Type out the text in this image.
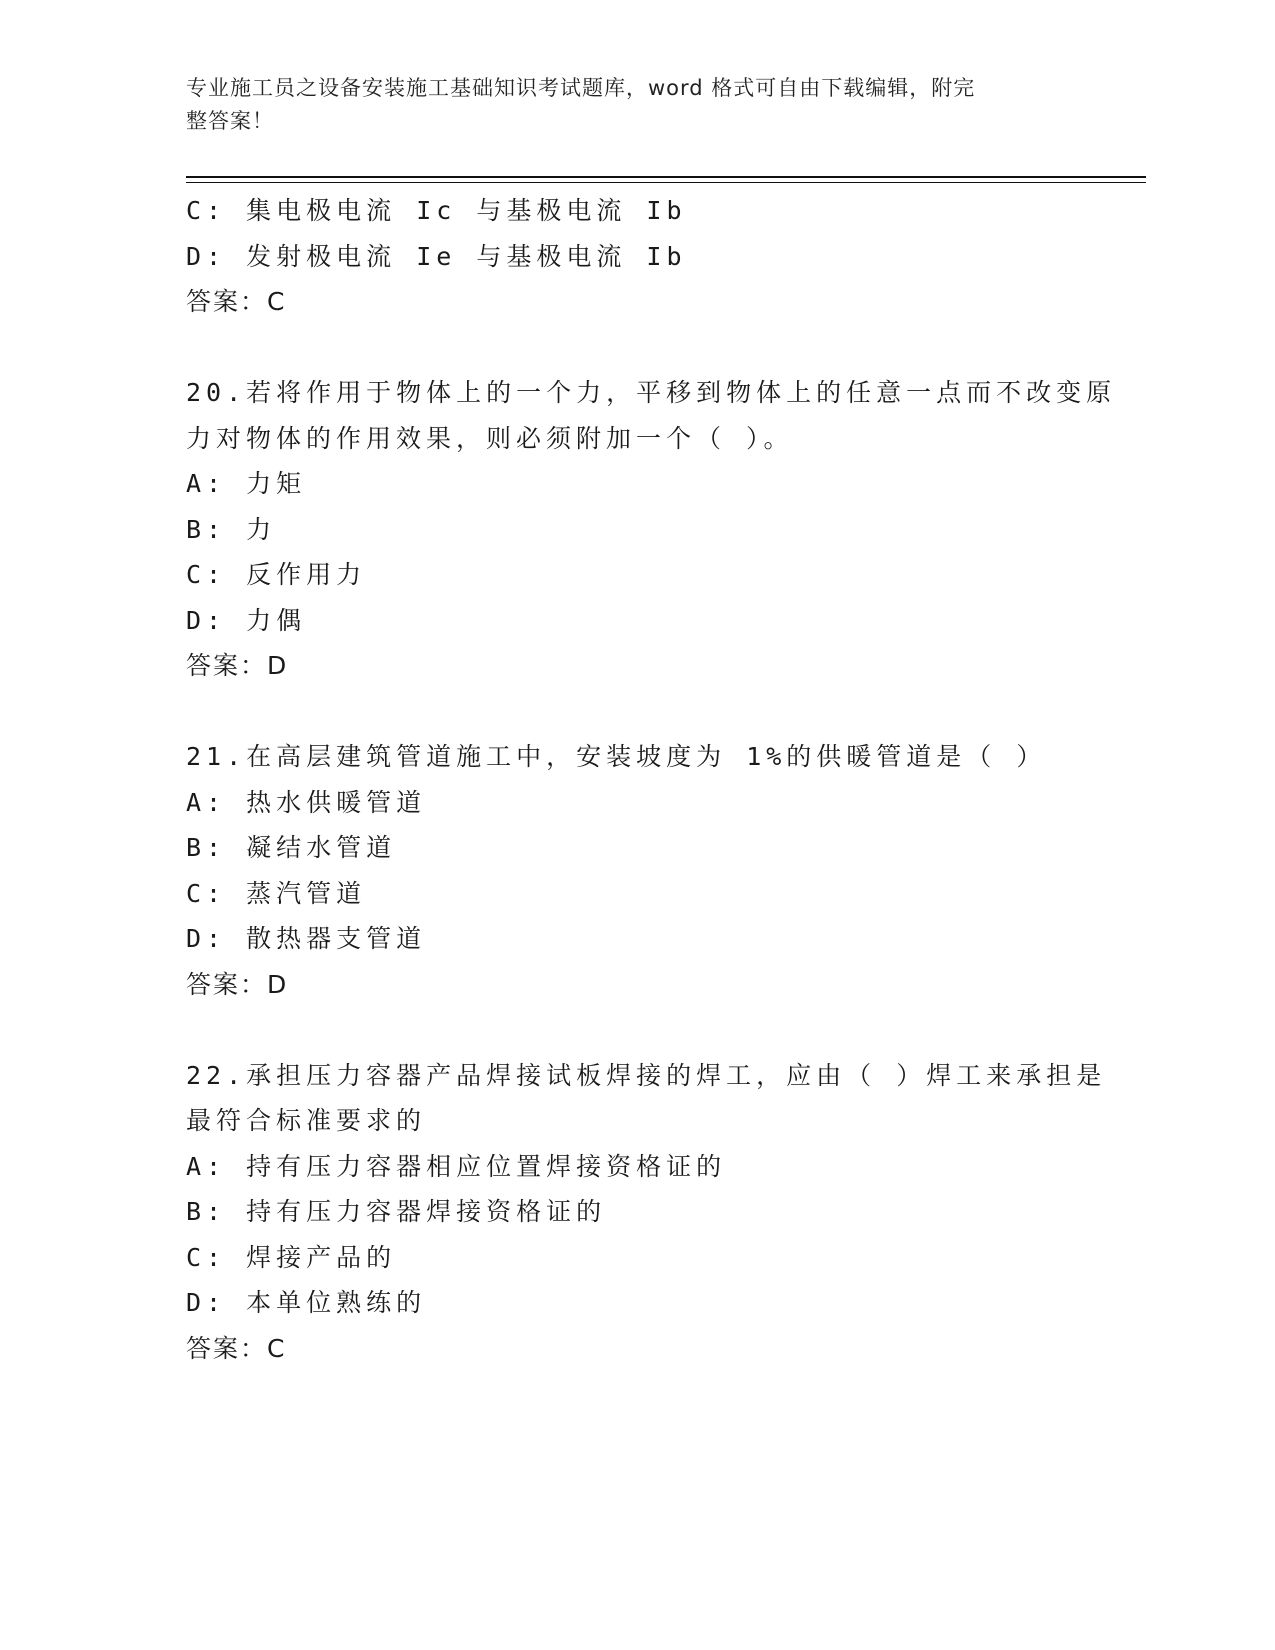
专业施工员之设备安装施工基础知识考试题库，word 格式可自由下载编辑，附完
整答案！
C: 集电极电流 Ic 与基极电流 Ib
D: 发射极电流 Ie 与基极电流 Ib
答案：C
20.若将作用于物体上的一个力，平移到物体上的任意一点而不改变原
力对物体的作用效果，则必须附加一个（ ）。
A: 力矩
B: 力
C: 反作用力
D: 力偶
答案：D
21.在高层建筑管道施工中，安装坡度为 1%的供暖管道是（ ）
A: 热水供暖管道
B: 凝结水管道
C: 蒸汽管道
D: 散热器支管道
答案：D
22.承担压力容器产品焊接试板焊接的焊工，应由（ ）焊工来承担是
最符合标准要求的
A: 持有压力容器相应位置焊接资格证的
B: 持有压力容器焊接资格证的
C: 焊接产品的
D: 本单位熟练的
答案：C
